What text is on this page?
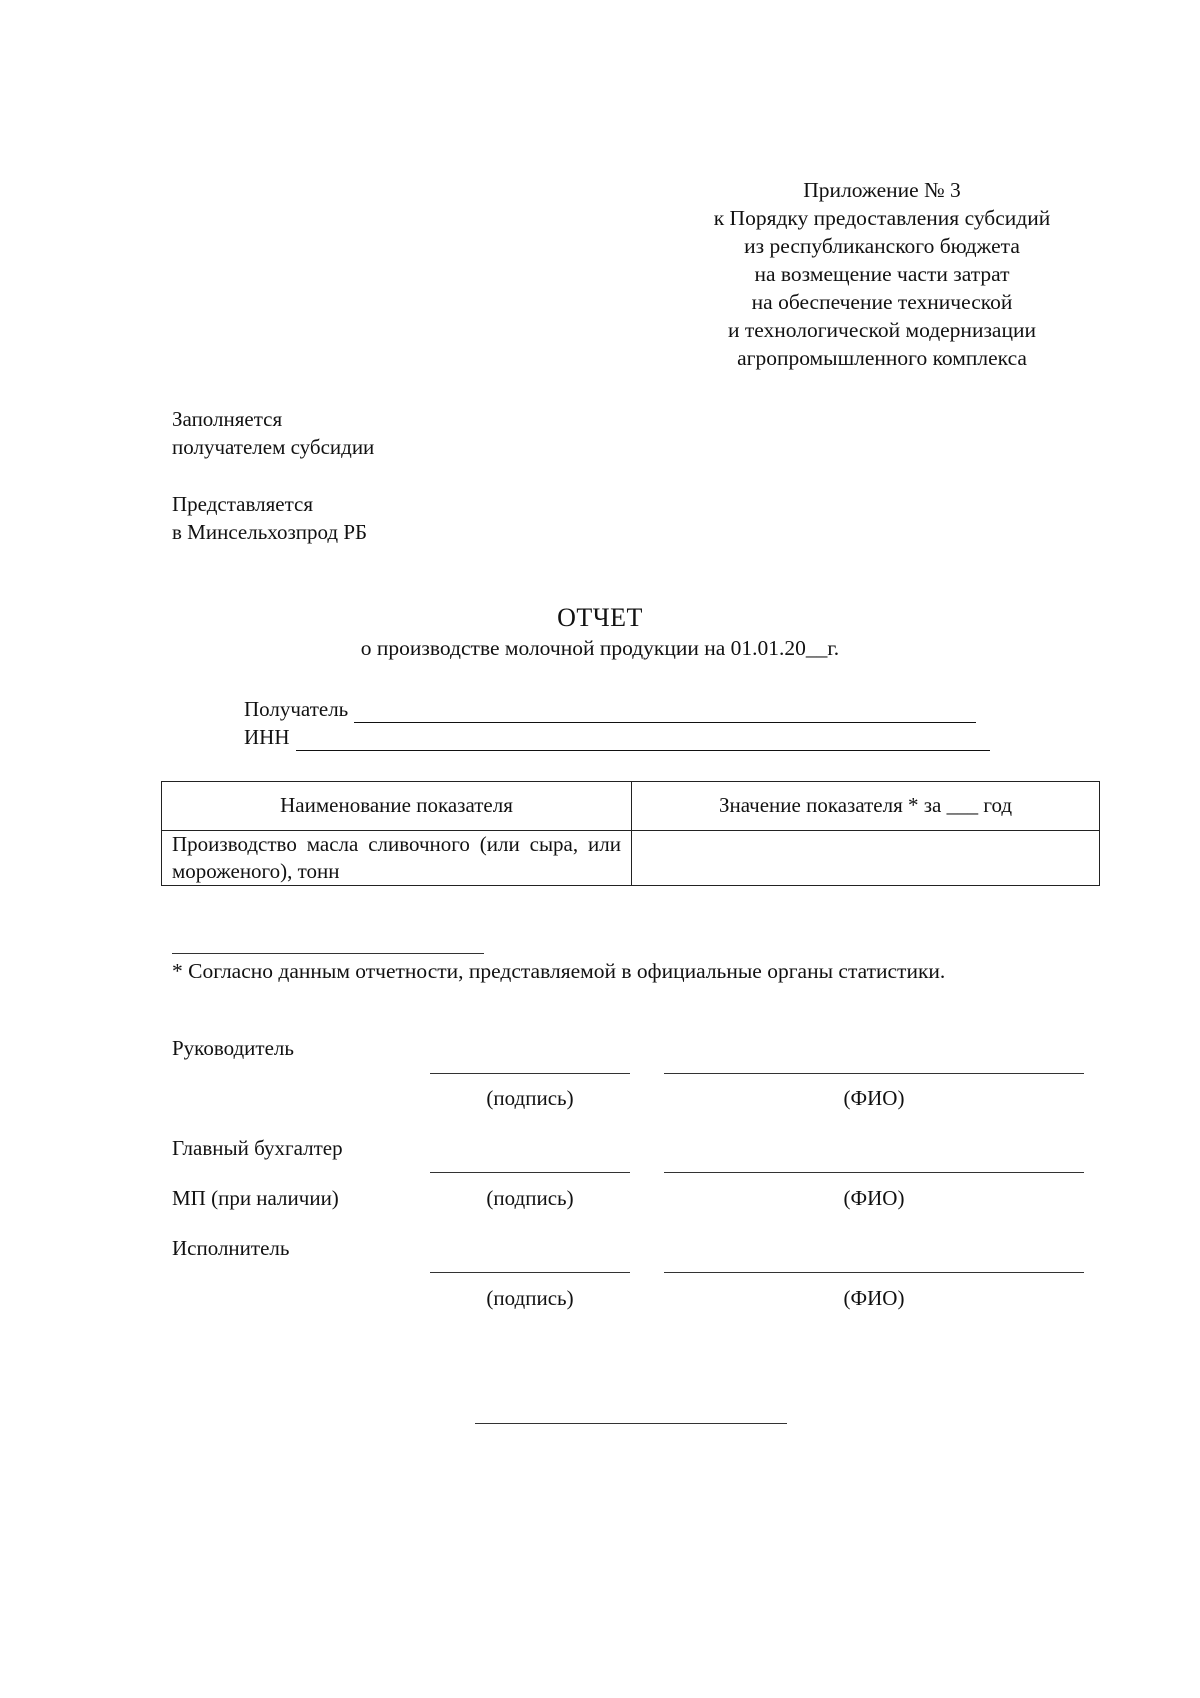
Приложение № 3
к Порядку предоставления субсидий
из республиканского бюджета
на возмещение части затрат
на обеспечение технической
и технологической модернизации
агропромышленного комплекса
Заполняется
получателем субсидии
Представляется
в Минсельхозпрод РБ
ОТЧЕТ
о производстве молочной продукции на 01.01.20__г.
Получатель
ИНН
Наименование показателя	Значение показателя * за ___ год
Производство масла сливочного (или сыра, или мороженого), тонн	
* Согласно данным отчетности, представляемой в официальные органы статистики.
Руководитель
(подпись)	(ФИО)
Главный бухгалтер
МП (при наличии)	(подпись)	(ФИО)
Исполнитель
(подпись)	(ФИО)
